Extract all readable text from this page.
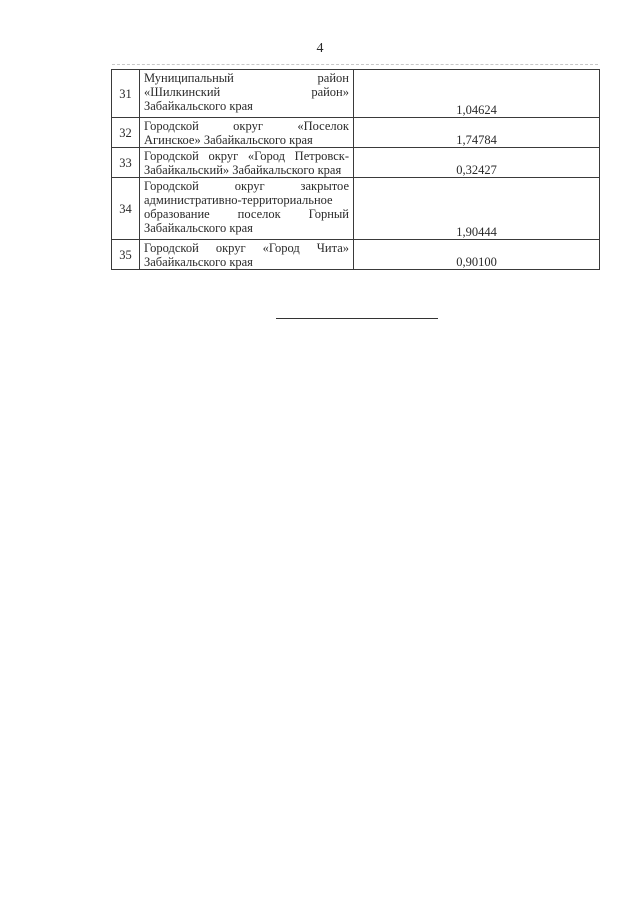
4
31	Муниципальный район
«Шилкинский район»
Забайкальского края	1,04624
32	Городской округ «Поселок
Агинское» Забайкальского края	1,74784
33	Городской округ «Город Петровск-
Забайкальский» Забайкальского края	0,32427
34	Городской округ закрытое
административно-территориальное
образование поселок Горный
Забайкальского края	1,90444
35	Городской округ «Город Чита»
Забайкальского края	0,90100
